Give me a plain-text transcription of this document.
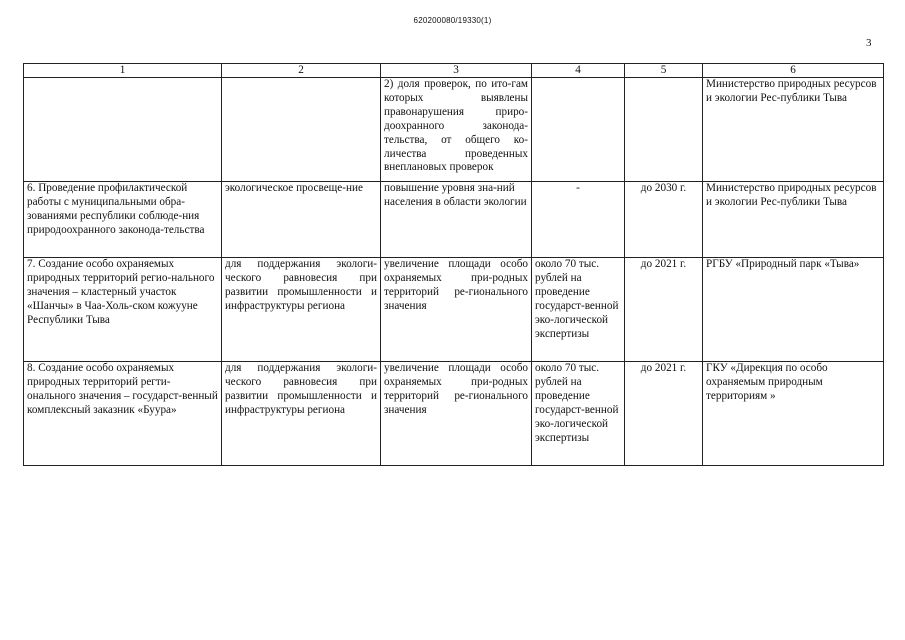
620200080/19330(1)
3
1	2	3	4	5	6
		2) доля проверок, по ито-гам которых выявлены правонарушения приро-доохранного законода-тельства, от общего ко-личества проведенных внеплановых проверок			Министерство природных ресурсов и экологии Рес-публики Тыва
6. Проведение профилактической работы с муниципальными обра-зованиями республики соблюде-ния природоохранного законода-тельства	экологическое просвеще-ние	повышение уровня зна-ний населения в области экологии	-	до 2030 г.	Министерство природных ресурсов и экологии Рес-публики Тыва
7. Создание особо охраняемых природных территорий регио-нального значения – кластерный участок «Шанчы» в Чаа-Холь-ском кожууне Республики Тыва	для поддержания экологи-ческого равновесия при развитии промышленности и инфраструктуры региона	увеличение площади особо охраняемых при-родных территорий ре-гионального значения	около 70 тыс. рублей на проведение государст-венной эко-логической экспертизы	до 2021 г.	РГБУ «Природный парк «Тыва»
8. Создание особо охраняемых природных территорий регти-онального значения – государст-венный комплексный заказник «Буура»	для поддержания экологи-ческого равновесия при развитии промышленности и инфраструктуры региона	увеличение площади особо охраняемых при-родных территорий ре-гионального значения	около 70 тыс. рублей на проведение государст-венной эко-логической экспертизы	до 2021 г.	ГКУ «Дирекция по особо охраняемым природным территориям »
